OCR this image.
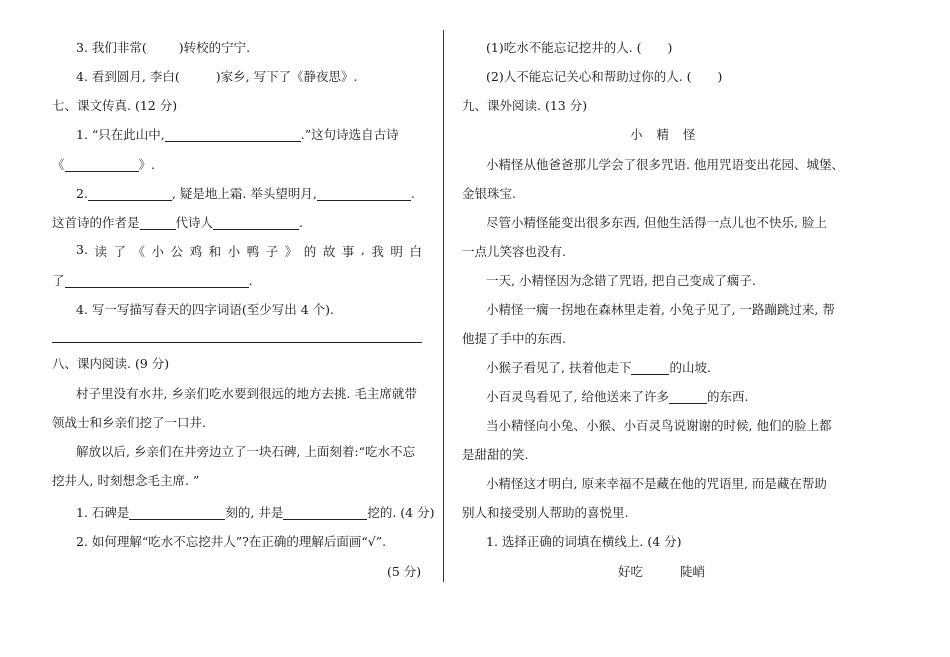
3. 我们非常(	)转校的宁宁.
4. 看到圆月, 李白(	)家乡, 写下了《静夜思》.
七、课文传真. (12 分)
1. “只在此山中,	.”这句诗选自古诗
《	》.
2.	, 疑是地上霜. 举头望明月,	.
这首诗的作者是	代诗人	.
3. 读 了 《 小 公 鸡 和 小 鸭 子 》 的 故 事 , 我 明 白
了	.
4. 写一写描写春天的四字词语(至少写出 4 个).
八、课内阅读. (9 分)
村子里没有水井, 乡亲们吃水要到很远的地方去挑. 毛主席就带
领战士和乡亲们挖了一口井.
解放以后, 乡亲们在井旁边立了一块石碑, 上面刻着:“吃水不忘
挖井人, 时刻想念毛主席. ”
1. 石碑是	刻的, 井是	挖的. (4 分)
2. 如何理解“吃水不忘挖井人”?在正确的理解后面画“√”.
(5 分)
(1)吃水不能忘记挖井的人. ( )
(2)人不能忘记关心和帮助过你的人. ( )
九、课外阅读. (13 分)
小 精 怪
小精怪从他爸爸那儿学会了很多咒语. 他用咒语变出花园、城堡、
金银珠宝.
尽管小精怪能变出很多东西, 但他生活得一点儿也不快乐, 脸上
一点儿笑容也没有.
一天, 小精怪因为念错了咒语, 把自己变成了瘸子.
小精怪一瘸一拐地在森林里走着, 小兔子见了, 一路蹦跳过来, 帮
他提了手中的东西.
小猴子看见了, 扶着他走下	的山坡.
小百灵鸟看见了, 给他送来了许多	的东西.
当小精怪向小兔、小猴、小百灵鸟说谢谢的时候, 他们的脸上都
是甜甜的笑.
小精怪这才明白, 原来幸福不是藏在他的咒语里, 而是藏在帮助
别人和接受别人帮助的喜悦里.
1. 选择正确的词填在横线上. (4 分)
好吃	陡峭
